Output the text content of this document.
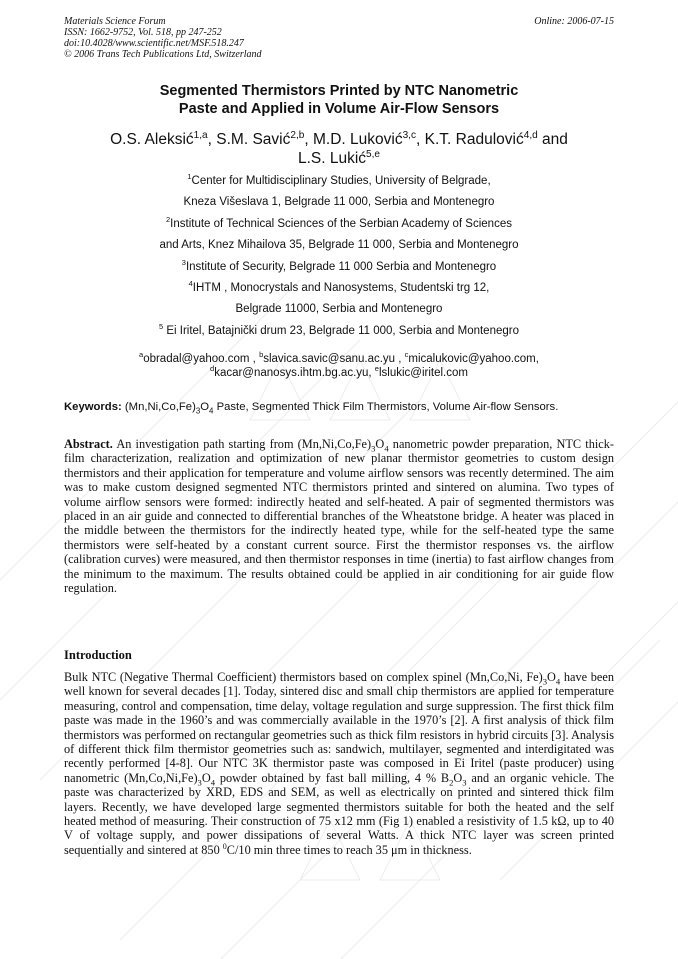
Materials Science Forum
ISSN: 1662-9752, Vol. 518, pp 247-252
doi:10.4028/www.scientific.net/MSF.518.247
© 2006 Trans Tech Publications Ltd, Switzerland
Online: 2006-07-15
Segmented Thermistors Printed by NTC Nanometric
Paste and Applied in Volume Air-Flow Sensors
O.S. Aleksić$^{1,a}$, S.M. Savić$^{2,b}$, M.D. Luković$^{3,c}$, K.T. Radulović$^{4,d}$ and
L.S. Lukić$^{5,e}$
$^1$Center for Multidisciplinary Studies, University of Belgrade,
Kneza Višeslava 1, Belgrade 11 000, Serbia and Montenegro
$^2$Institute of Technical Sciences of the Serbian Academy of Sciences
and Arts, Knez Mihailova 35, Belgrade 11 000, Serbia and Montenegro
$^3$Institute of Security, Belgrade 11 000 Serbia and Montenegro
$^4$IHTM , Monocrystals and Nanosystems, Studentski trg 12,
Belgrade 11000, Serbia and Montenegro
$^5$ Ei Iritel, Batajnički drum 23, Belgrade 11 000, Serbia and Montenegro
$^a$obradal@yahoo.com , $^b$slavica.savic@sanu.ac.yu , $^c$micalukovic@yahoo.com,
$^d$kacar@nanosys.ihtm.bg.ac.yu, $^e$lslukic@iritel.com
Keywords: $(Mn,Ni,Co,Fe)_3O_4$ Paste, Segmented Thick Film Thermistors, Volume Air-flow Sensors.
Abstract. An investigation path starting from $(Mn,Ni,Co,Fe)_3O_4$ nanometric powder preparation, NTC thick-film characterization, realization and optimization of new planar thermistor geometries to custom design thermistors and their application for temperature and volume airflow sensors was recently determined. The aim was to make custom designed segmented NTC thermistors printed and sintered on alumina. Two types of volume airflow sensors were formed: indirectly heated and self-heated. A pair of segmented thermistors was placed in an air guide and connected to differential branches of the Wheatstone bridge. A heater was placed in the middle between the thermistors for the indirectly heated type, while for the self-heated type the same thermistors were self-heated by a constant current source. First the thermistor responses vs. the airflow (calibration curves) were measured, and then thermistor responses in time (inertia) to fast airflow changes from the minimum to the maximum. The results obtained could be applied in air conditioning for air guide flow regulation.
Introduction
Bulk NTC (Negative Thermal Coefficient) thermistors based on complex spinel (Mn,Co,Ni, $Fe)_3O_4$ have been well known for several decades [1]. Today, sintered disc and small chip thermistors are applied for temperature measuring, control and compensation, time delay, voltage regulation and surge suppression. The first thick film paste was made in the 1960’s and was commercially available in the 1970’s [2]. A first analysis of thick film thermistors was performed on rectangular geometries such as thick film resistors in hybrid circuits [3]. Analysis of different thick film thermistor geometries such as: sandwich, multilayer, segmented and interdigitated was recently performed [4-8]. Our NTC 3K thermistor paste was composed in Ei Iritel (paste producer) using nanometric $(Mn,Co,Ni,Fe)_3O_4$ powder obtained by fast ball milling, 4 % $B_2O_3$ and an organic vehicle. The paste was characterized by XRD, EDS and SEM, as well as electrically on printed and sintered thick film layers. Recently, we have developed large segmented thermistors suitable for both the heated and the self heated method of measuring. Their construction of 75 x12 mm (Fig 1) enabled a resistivity of 1.5 kΩ, up to 40 V of voltage supply, and power dissipations of several Watts. A thick NTC layer was screen printed sequentially and sintered at 850 $^0$C/10 min three times to reach 35 μm in thickness.
